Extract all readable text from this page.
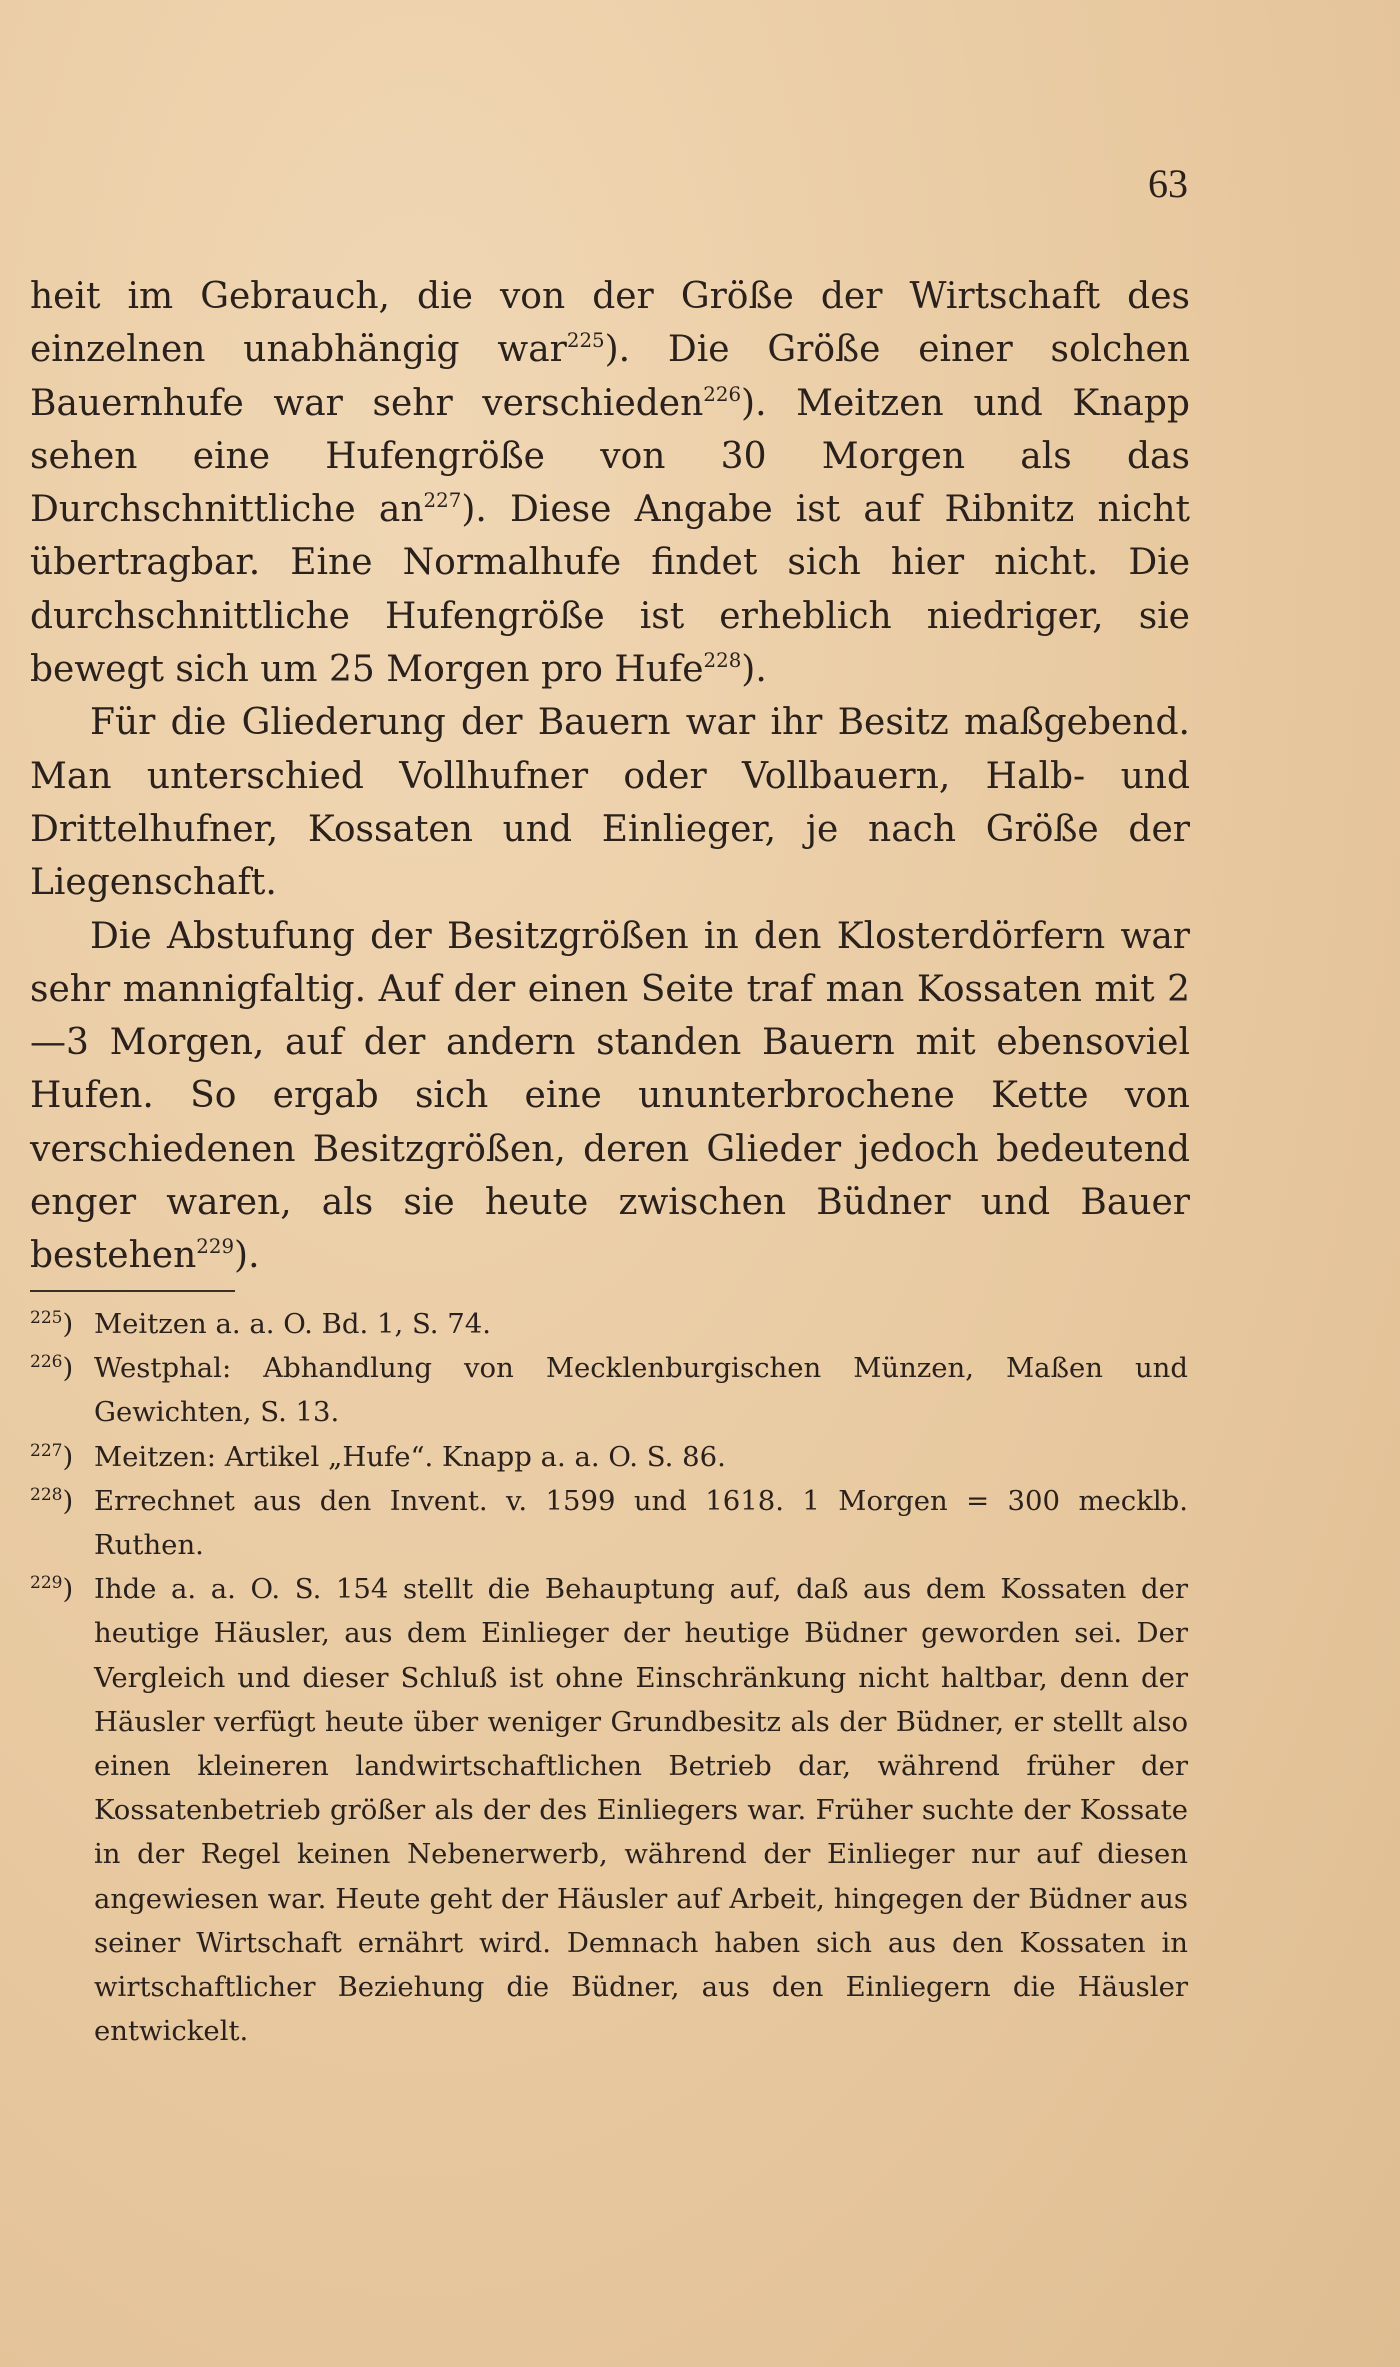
63

heit im Gebrauch, die von der Größe der Wirtschaft des einzelnen unabhängig war$^{225}$). Die Größe einer solchen Bauernhufe war sehr verschieden$^{226}$). Meitzen und Knapp sehen eine Hufengröße von 30 Morgen als das Durchschnittliche $an^{227}$). Diese Angabe ist auf Ribnitz nicht übertragbar. Eine Normalhufe findet sich hier nicht. Die durchschnittliche Hufengröße ist erheblich niedriger, sie bewegt sich um 25 Morgen pro Hufe$^{228}$).

Für die Gliederung der Bauern war ihr Besitz maßgebend. Man unterschied Vollhufner oder Vollbauern, Halb- und Drittelhufner, Kossaten und Einlieger, je nach Größe der Liegenschaft.

Die Abstufung der Besitzgrößen in den Klosterdörfern war sehr mannigfaltig. Auf der einen Seite traf man Kossaten mit 2—3 Morgen, auf der andern standen Bauern mit ebensoviel Hufen. So ergab sich eine ununterbrochene Kette von verschiedenen Besitzgrößen, deren Glieder jedoch bedeutend enger waren, als sie heute zwischen Büdner und Bauer bestehen$^{229}$).

$^{225}$) Meitzen a. a. O. Bd. 1, S. 74.
$^{226}$) Westphal: Abhandlung von Mecklenburgischen Münzen, Maßen und Gewichten, S. 13.
$^{227}$) Meitzen: Artikel „Hufe“. Knapp a. a. O. S. 86.
$^{228}$) Errechnet aus den Invent. v. 1599 und 1618. 1 Morgen = 300 mecklb. Ruthen.
$^{229}$) Ihde a. a. O. S. 154 stellt die Behauptung auf, daß aus dem Kossaten der heutige Häusler, aus dem Einlieger der heutige Büdner geworden sei. Der Vergleich und dieser Schluß ist ohne Einschränkung nicht haltbar, denn der Häusler verfügt heute über weniger Grundbesitz als der Büdner, er stellt also einen kleineren landwirtschaftlichen Betrieb dar, während früher der Kossatenbetrieb größer als der des Einliegers war. Früher suchte der Kossate in der Regel keinen Nebenerwerb, während der Einlieger nur auf diesen angewiesen war. Heute geht der Häusler auf Arbeit, hingegen der Büdner aus seiner Wirtschaft ernährt wird. Demnach haben sich aus den Kossaten in wirtschaftlicher Beziehung die Büdner, aus den Einliegern die Häusler entwickelt.
